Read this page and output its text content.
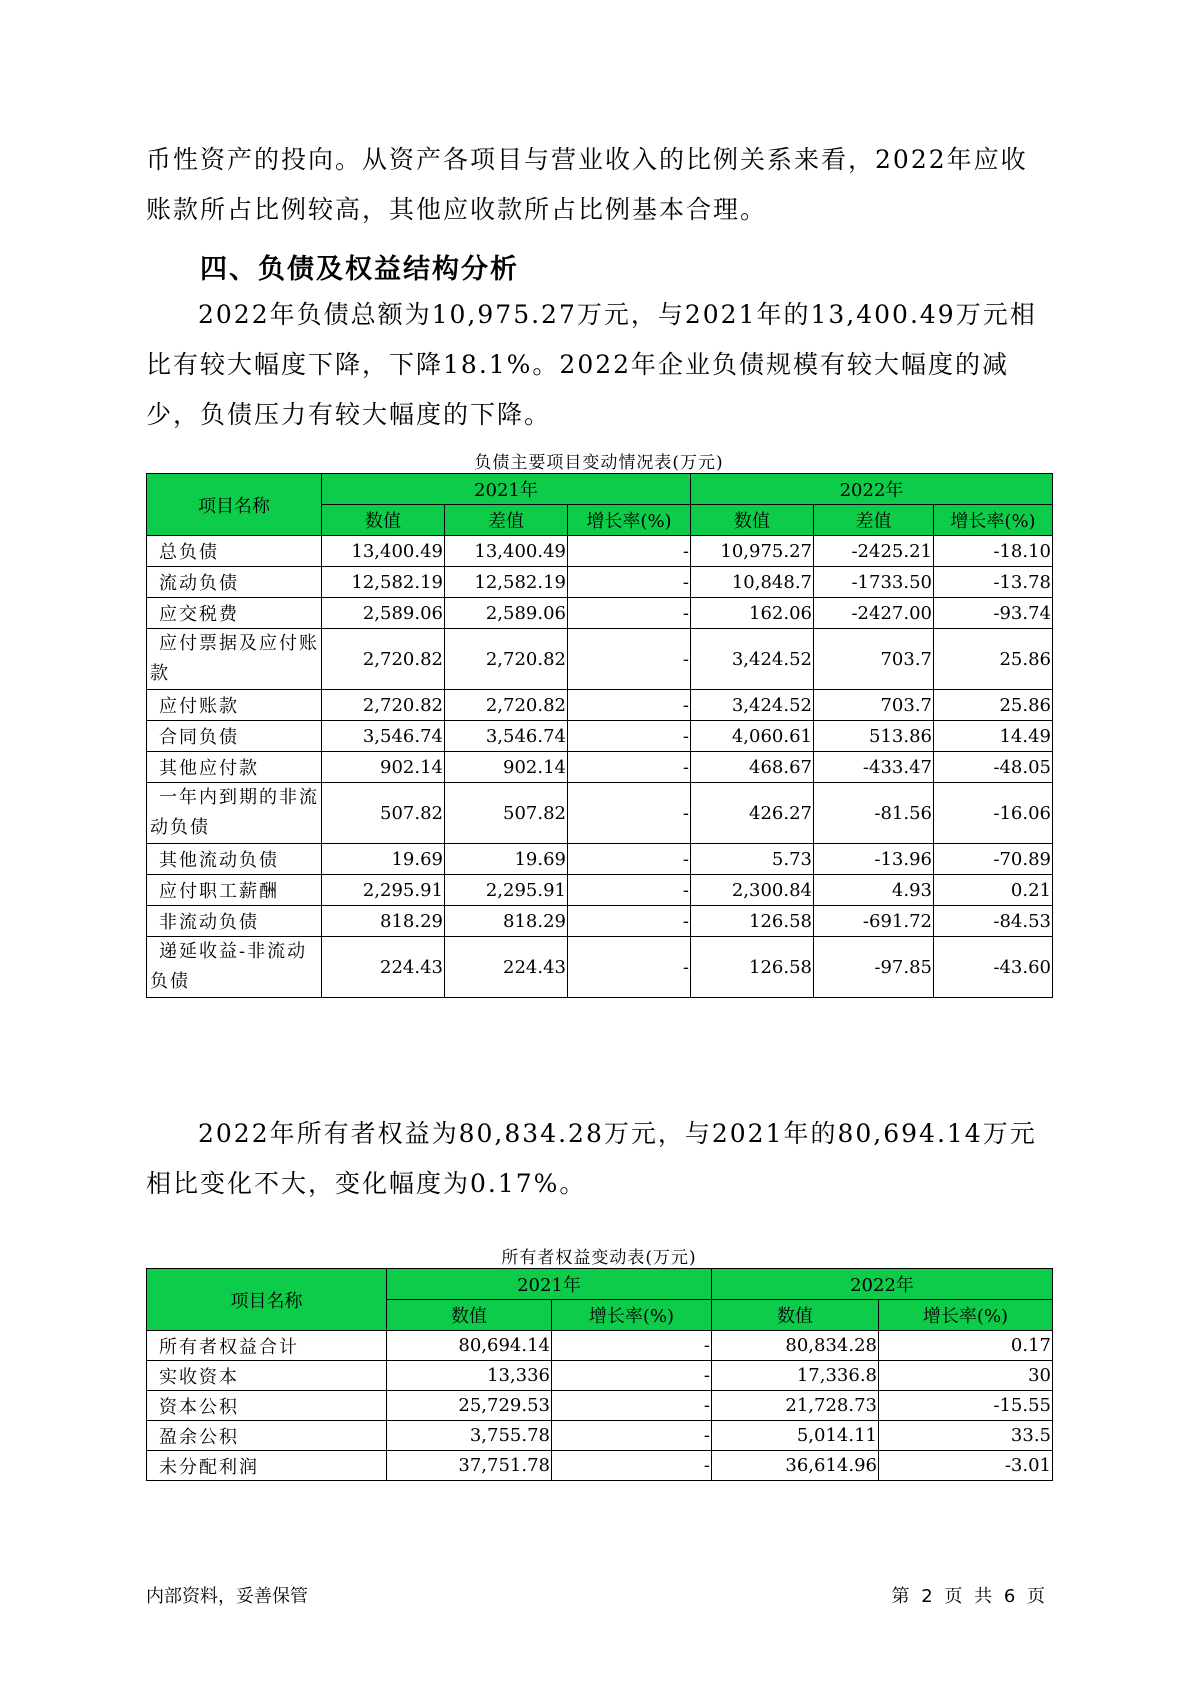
币性资产的投向。从资产各项目与营业收入的比例关系来看，2022年应收

账款所占比例较高，其他应收款所占比例基本合理。

四、负债及权益结构分析

2022年负债总额为10,975.27万元，与2021年的13,400.49万元相比有较大幅度下降，下降18.1%。2022年企业负债规模有较大幅度的减少，负债压力有较大幅度的下降。

负债主要项目变动情况表(万元)
项目名称	2021年			2022年		
	数值	差值	增长率(%)	数值	差值	增长率(%)
总负债	13,400.49	13,400.49	-	10,975.27	-2425.21	-18.10
流动负债	12,582.19	12,582.19	-	10,848.7	-1733.50	-13.78
应交税费	2,589.06	2,589.06	-	162.06	-2427.00	-93.74
应付票据及应付账款	2,720.82	2,720.82	-	3,424.52	703.7	25.86
应付账款	2,720.82	2,720.82	-	3,424.52	703.7	25.86
合同负债	3,546.74	3,546.74	-	4,060.61	513.86	14.49
其他应付款	902.14	902.14	-	468.67	-433.47	-48.05
一年内到期的非流动负债	507.82	507.82	-	426.27	-81.56	-16.06
其他流动负债	19.69	19.69	-	5.73	-13.96	-70.89
应付职工薪酬	2,295.91	2,295.91	-	2,300.84	4.93	0.21
非流动负债	818.29	818.29	-	126.58	-691.72	-84.53
递延收益-非流动负债	224.43	224.43	-	126.58	-97.85	-43.60

2022年所有者权益为80,834.28万元，与2021年的80,694.14万元相比变化不大，变化幅度为0.17%。

所有者权益变动表(万元)
项目名称	2021年		2022年	
	数值	增长率(%)	数值	增长率(%)
所有者权益合计	80,694.14	-	80,834.28	0.17
实收资本	13,336	-	17,336.8	30
资本公积	25,729.53	-	21,728.73	-15.55
盈余公积	3,755.78	-	5,014.11	33.5
未分配利润	37,751.78	-	36,614.96	-3.01
内部资料，妥善保管	第 2 页 共 6 页
